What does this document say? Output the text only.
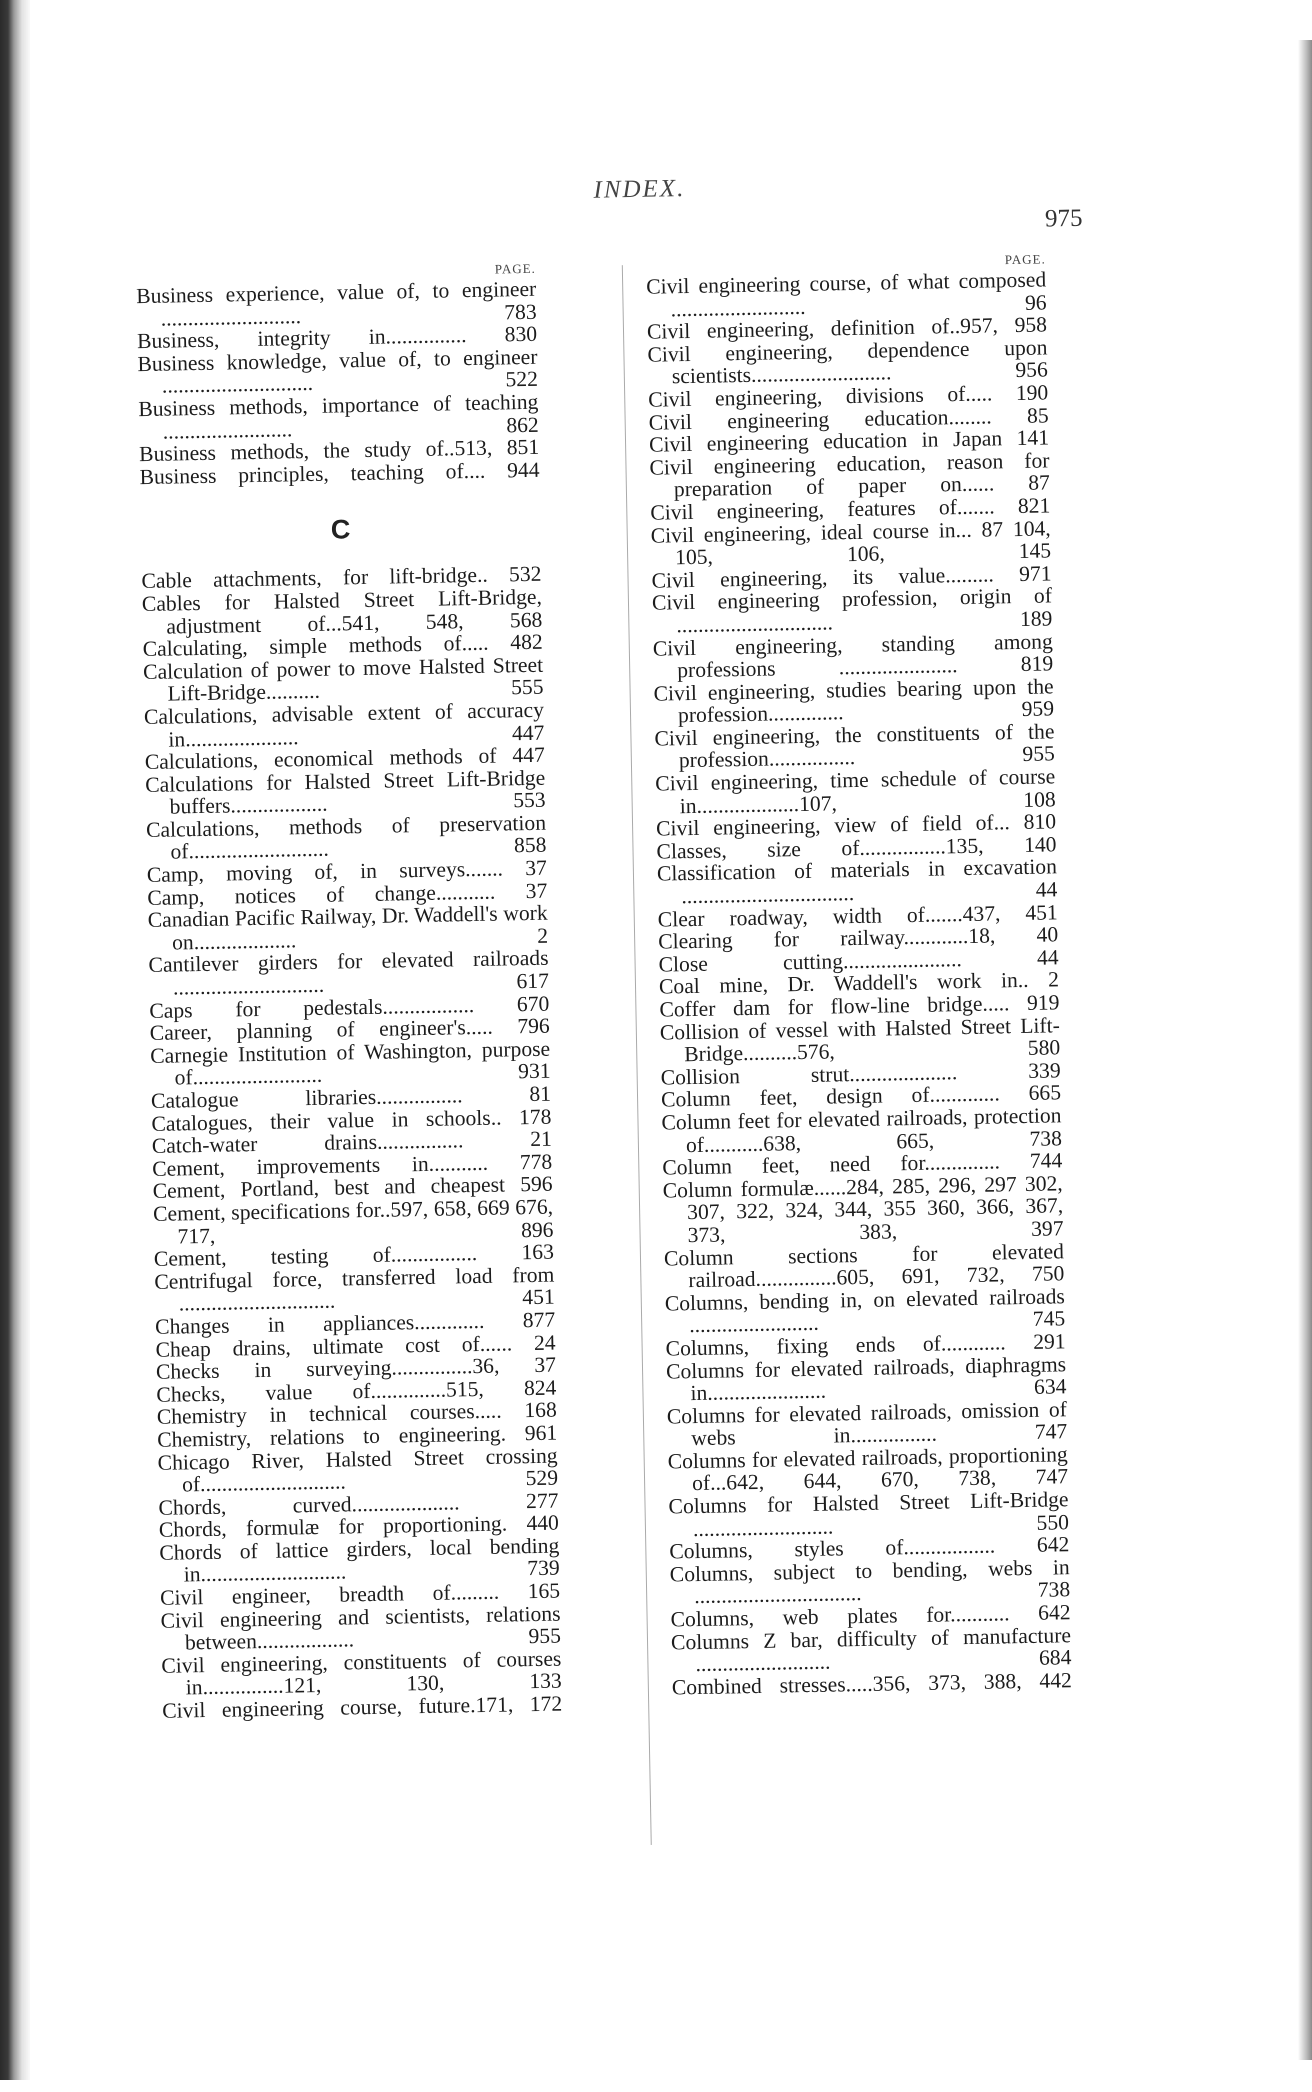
INDEX.
975
PAGE.
Business experience, value of, to engineer .......................... 783
Business, integrity in............... 830
Business knowledge, value of, to engineer ............................ 522
Business methods, importance of teaching ........................ 862
Business methods, the study of..513, 851
Business principles, teaching of.... 944
C
Cable attachments, for lift-bridge.. 532
Cables for Halsted Street Lift-Bridge, adjustment of...541, 548, 568
Calculating, simple methods of..... 482
Calculation of power to move Halsted Street Lift-Bridge.......... 555
Calculations, advisable extent of accuracy in..................... 447
Calculations, economical methods of 447
Calculations for Halsted Street Lift-Bridge buffers.................. 553
Calculations, methods of preservation of.......................... 858
Camp, moving of, in surveys....... 37
Camp, notices of change........... 37
Canadian Pacific Railway, Dr. Waddell's work on................... 2
Cantilever girders for elevated railroads ............................ 617
Caps for pedestals................. 670
Career, planning of engineer's..... 796
Carnegie Institution of Washington, purpose of........................ 931
Catalogue libraries................ 81
Catalogues, their value in schools.. 178
Catch-water drains................ 21
Cement, improvements in........... 778
Cement, Portland, best and cheapest 596
Cement, specifications for..597, 658, 669 676, 717, 896
Cement, testing of................ 163
Centrifugal force, transferred load from ............................. 451
Changes in appliances............. 877
Cheap drains, ultimate cost of...... 24
Checks in surveying...............36, 37
Checks, value of..............515, 824
Chemistry in technical courses..... 168
Chemistry, relations to engineering. 961
Chicago River, Halsted Street crossing of........................... 529
Chords, curved.................... 277
Chords, formulæ for proportioning. 440
Chords of lattice girders, local bending in........................... 739
Civil engineer, breadth of......... 165
Civil engineering and scientists, relations between.................. 955
Civil engineering, constituents of courses in...............121, 130, 133
Civil engineering course, future.171, 172
PAGE.
Civil engineering course, of what composed ......................... 96
Civil engineering, definition of..957, 958
Civil engineering, dependence upon scientists.......................... 956
Civil engineering, divisions of..... 190
Civil engineering education........ 85
Civil engineering education in Japan 141
Civil engineering education, reason for preparation of paper on...... 87
Civil engineering, features of....... 821
Civil engineering, ideal course in... 87 104, 105, 106, 145
Civil engineering, its value......... 971
Civil engineering profession, origin of ............................. 189
Civil engineering, standing among professions ...................... 819
Civil engineering, studies bearing upon the profession.............. 959
Civil engineering, the constituents of the profession................ 955
Civil engineering, time schedule of course in...................107, 108
Civil engineering, view of field of... 810
Classes, size of................135, 140
Classification of materials in excavation ................................ 44
Clear roadway, width of.......437, 451
Clearing for railway............18, 40
Close cutting...................... 44
Coal mine, Dr. Waddell's work in.. 2
Coffer dam for flow-line bridge..... 919
Collision of vessel with Halsted Street Lift-Bridge..........576, 580
Collision strut.................... 339
Column feet, design of............. 665
Column feet for elevated railroads, protection of...........638, 665, 738
Column feet, need for.............. 744
Column formulæ......284, 285, 296, 297 302, 307, 322, 324, 344, 355 360, 366, 367, 373, 383, 397
Column sections for elevated railroad...............605, 691, 732, 750
Columns, bending in, on elevated railroads ........................ 745
Columns, fixing ends of............ 291
Columns for elevated railroads, diaphragms in...................... 634
Columns for elevated railroads, omission of webs in................ 747
Columns for elevated railroads, proportioning of...642, 644, 670, 738, 747
Columns for Halsted Street Lift-Bridge .......................... 550
Columns, styles of................. 642
Columns, subject to bending, webs in ............................... 738
Columns, web plates for........... 642
Columns Z bar, difficulty of manufacture ......................... 684
Combined stresses.....356, 373, 388, 442
